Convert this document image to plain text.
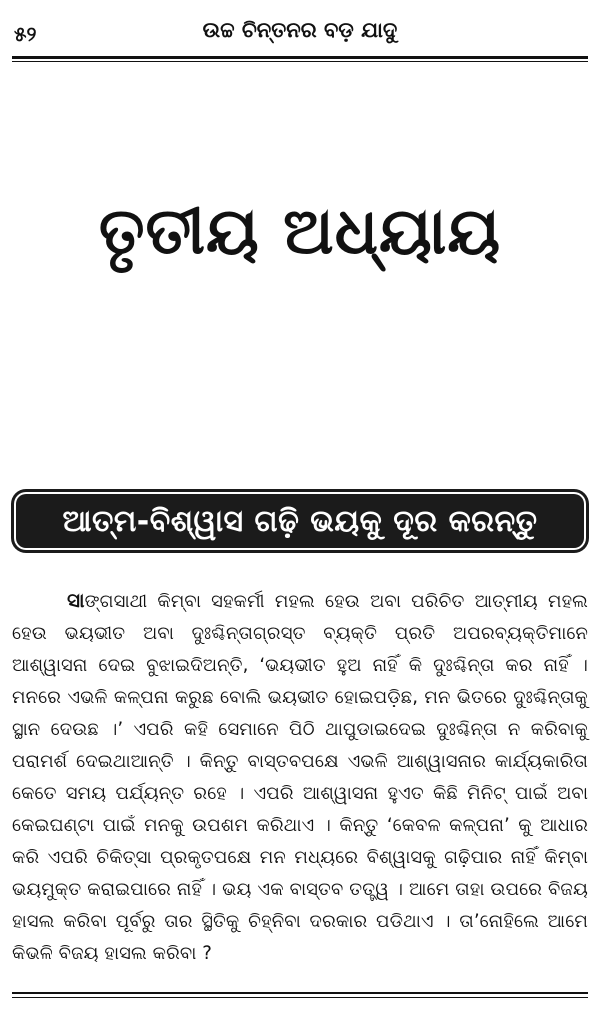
୫୨	ଉଚ୍ଚ ଚିନ୍ତନର ବଡ଼ ଯାଦୁ
ତୃତୀୟ ଅଧ୍ୟାୟ
ଆତ୍ମ-ବିଶ୍ୱାସ ଗଢ଼ି ଭୟକୁ ଦୂର କରନ୍ତୁ

ସାଙ୍ଗସାଥୀ କିମ୍ବା ସହକର୍ମୀ ମହଲ ହେଉ ଅବା ପରିଚିତ ଆତ୍ମୀୟ ମହଲ ହେଉ ଭୟଭୀତ ଅବା ଦୁଃଶ୍ଚିନ୍ତାଗ୍ରସ୍ତ ବ୍ୟକ୍ତି ପ୍ରତି ଅପରବ୍ୟକ୍ତିମାନେ ଆଶ୍ୱାସନା ଦେଇ ବୁଝାଇଦିଅନ୍ତି, ‘ଭୟଭୀତ ହୁଅ ନାହିଁ କି ଦୁଃଶ୍ଚିନ୍ତା କର ନାହିଁ । ମନରେ ଏଭଳି କଳ୍ପନା କରୁଛ ବୋଲି ଭୟଭୀତ ହୋଇପଡ଼ିଛ, ମନ ଭିତରେ ଦୁଃଶ୍ଚିନ୍ତାକୁ ସ୍ଥାନ ଦେଉଛ ।’ ଏପରି କହି ସେମାନେ ପିଠି ଥାପୁଡାଇଦେଇ ଦୁଃଶ୍ଚିନ୍ତା ନ କରିବାକୁ ପରାମର୍ଶ ଦେଇଥାଆନ୍ତି । କିନ୍ତୁ ବାସ୍ତବପକ୍ଷେ ଏଭଳି ଆଶ୍ୱାସନାର କାର୍ଯ୍ୟକାରିତା କେତେ ସମୟ ପର୍ଯ୍ୟନ୍ତ ରହେ । ଏପରି ଆଶ୍ୱାସନା ହୁଏତ କିଛି ମିନିଟ୍ ପାଇଁ ଅବା କେଇଘଣ୍ଟା ପାଇଁ ମନକୁ ଉପଶମ କରିଥାଏ । କିନ୍ତୁ ‘କେବଳ କଳ୍ପନା’ କୁ ଆଧାର କରି ଏପରି ଚିକିତ୍ସା ପ୍ରକୃତପକ୍ଷେ ମନ ମଧ୍ୟରେ ବିଶ୍ୱାସକୁ ଗଢ଼ିପାର ନାହିଁ କିମ୍ବା ଭୟମୁକ୍ତ କରାଇପାରେ ନାହିଁ । ଭୟ ଏକ ବାସ୍ତବ ତତ୍ତ୍ୱ । ଆମେ ତାହା ଉପରେ ବିଜୟ ହାସଲ କରିବା ପୂର୍ବରୁ ତାର ସ୍ଥିତିକୁ ଚିହ୍ନିବା ଦରକାର ପଡିଥାଏ । ତା’ନୋହିଲେ ଆମେ କିଭଳି ବିଜୟ ହାସଲ କରିବା ?
